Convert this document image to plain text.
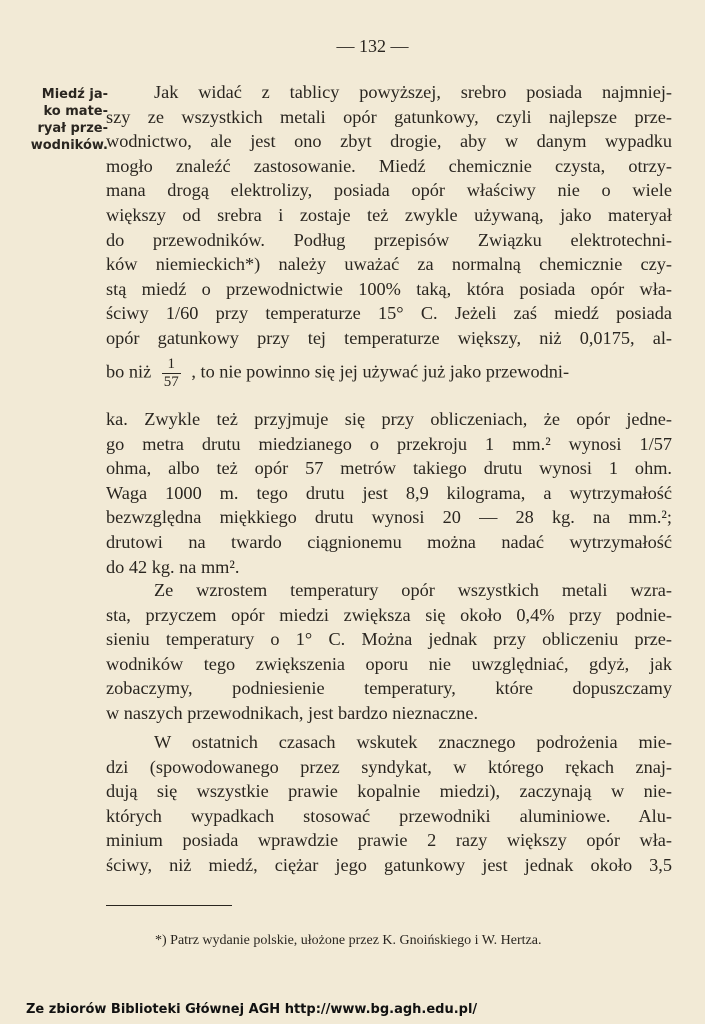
— 132 —
Miedź ja-
ko mate-
ryał prze-
wodników.
Jak widać z tablicy powyższej, srebro posiada najmniej-
szy ze wszystkich metali opór gatunkowy, czyli najlepsze prze-
wodnictwo, ale jest ono zbyt drogie, aby w danym wypadku
mogło znaleźć zastosowanie. Miedź chemicznie czysta, otrzy-
mana drogą elektrolizy, posiada opór właściwy nie o wiele
większy od srebra i zostaje też zwykle używaną, jako materyał
do przewodników. Podług przepisów Związku elektrotechni-
ków niemieckich*) należy uważać za normalną chemicznie czy-
stą miedź o przewodnictwie 100% taką, która posiada opór wła-
ściwy 1/60 przy temperaturze 15° C. Jeżeli zaś miedź posiada
opór gatunkowy przy tej temperaturze większy, niż 0,0175, al-
bo niż $\frac{1}{57}$ , to nie powinno się jej używać już jako przewodni-
ka. Zwykle też przyjmuje się przy obliczeniach, że opór jedne-
go metra drutu miedzianego o przekroju 1 mm.² wynosi 1/57
ohma, albo też opór 57 metrów takiego drutu wynosi 1 ohm.
Waga 1000 m. tego drutu jest 8,9 kilograma, a wytrzymałość
bezwzględna miękkiego drutu wynosi 20 — 28 kg. na mm.²;
drutowi na twardo ciągnionemu można nadać wytrzymałość
do 42 kg. na mm².
Ze wzrostem temperatury opór wszystkich metali wzra-
sta, przyczem opór miedzi zwiększa się około 0,4% przy podnie-
sieniu temperatury o 1° C. Można jednak przy obliczeniu prze-
wodników tego zwiększenia oporu nie uwzględniać, gdyż, jak
zobaczymy, podniesienie temperatury, które dopuszczamy
w naszych przewodnikach, jest bardzo nieznaczne.
W ostatnich czasach wskutek znacznego podrożenia mie-
dzi (spowodowanego przez syndykat, w którego rękach znaj-
dują się wszystkie prawie kopalnie miedzi), zaczynają w nie-
których wypadkach stosować przewodniki aluminiowe. Alu-
minium posiada wprawdzie prawie 2 razy większy opór wła-
ściwy, niż miedź, ciężar jego gatunkowy jest jednak około 3,5
*) Patrz wydanie polskie, ułożone przez K. Gnoińskiego i W. Hertza.
Ze zbiorów Biblioteki Głównej AGH http://www.bg.agh.edu.pl/
